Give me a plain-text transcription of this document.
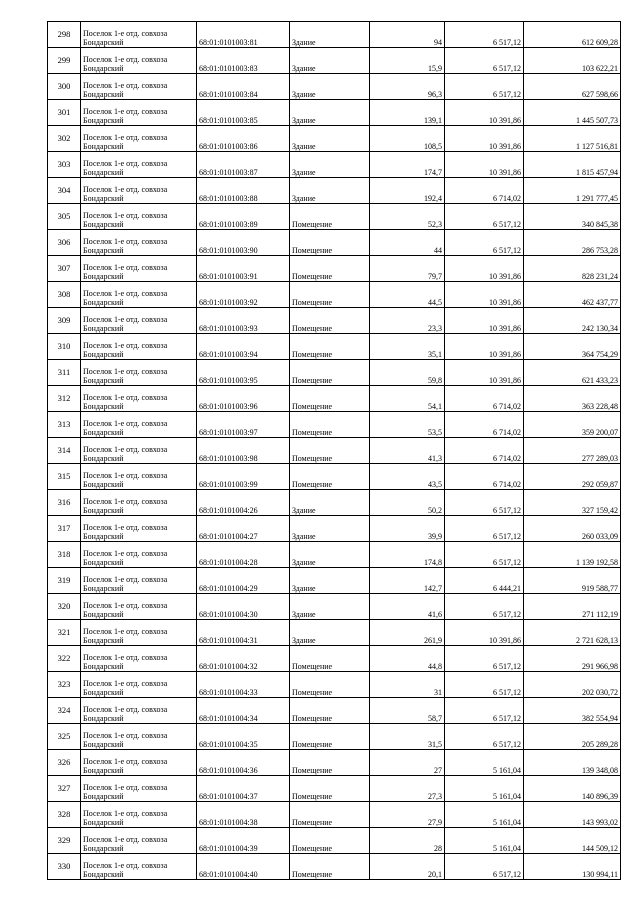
298	Посeлок 1-е отд. совхоза
Бондарский	68:01:0101003:81	Здание	94	6 517,12	612 609,28
299	Посeлок 1-е отд. совхоза
Бондарский	68:01:0101003:83	Здание	15,9	6 517,12	103 622,21
300	Посeлок 1-е отд. совхоза
Бондарский	68:01:0101003:84	Здание	96,3	6 517,12	627 598,66
301	Посeлок 1-е отд. совхоза
Бондарский	68:01:0101003:85	Здание	139,1	10 391,86	1 445 507,73
302	Посeлок 1-е отд. совхоза
Бондарский	68:01:0101003:86	Здание	108,5	10 391,86	1 127 516,81
303	Посeлок 1-е отд. совхоза
Бондарский	68:01:0101003:87	Здание	174,7	10 391,86	1 815 457,94
304	Посeлок 1-е отд. совхоза
Бондарский	68:01:0101003:88	Здание	192,4	6 714,02	1 291 777,45
305	Посeлок 1-е отд. совхоза
Бондарский	68:01:0101003:89	Помещение	52,3	6 517,12	340 845,38
306	Посeлок 1-е отд. совхоза
Бондарский	68:01:0101003:90	Помещение	44	6 517,12	286 753,28
307	Посeлок 1-е отд. совхоза
Бондарский	68:01:0101003:91	Помещение	79,7	10 391,86	828 231,24
308	Посeлок 1-е отд. совхоза
Бондарский	68:01:0101003:92	Помещение	44,5	10 391,86	462 437,77
309	Посeлок 1-е отд. совхоза
Бондарский	68:01:0101003:93	Помещение	23,3	10 391,86	242 130,34
310	Посeлок 1-е отд. совхоза
Бондарский	68:01:0101003:94	Помещение	35,1	10 391,86	364 754,29
311	Посeлок 1-е отд. совхоза
Бондарский	68:01:0101003:95	Помещение	59,8	10 391,86	621 433,23
312	Посeлок 1-е отд. совхоза
Бондарский	68:01:0101003:96	Помещение	54,1	6 714,02	363 228,48
313	Посeлок 1-е отд. совхоза
Бондарский	68:01:0101003:97	Помещение	53,5	6 714,02	359 200,07
314	Посeлок 1-е отд. совхоза
Бондарский	68:01:0101003:98	Помещение	41,3	6 714,02	277 289,03
315	Посeлок 1-е отд. совхоза
Бондарский	68:01:0101003:99	Помещение	43,5	6 714,02	292 059,87
316	Посeлок 1-е отд. совхоза
Бондарский	68:01:0101004:26	Здание	50,2	6 517,12	327 159,42
317	Посeлок 1-е отд. совхоза
Бондарский	68:01:0101004:27	Здание	39,9	6 517,12	260 033,09
318	Посeлок 1-е отд. совхоза
Бондарский	68:01:0101004:28	Здание	174,8	6 517,12	1 139 192,58
319	Посeлок 1-е отд. совхоза
Бондарский	68:01:0101004:29	Здание	142,7	6 444,21	919 588,77
320	Посeлок 1-е отд. совхоза
Бондарский	68:01:0101004:30	Здание	41,6	6 517,12	271 112,19
321	Посeлок 1-е отд. совхоза
Бондарский	68:01:0101004:31	Здание	261,9	10 391,86	2 721 628,13
322	Посeлок 1-е отд. совхоза
Бондарский	68:01:0101004:32	Помещение	44,8	6 517,12	291 966,98
323	Посeлок 1-е отд. совхоза
Бондарский	68:01:0101004:33	Помещение	31	6 517,12	202 030,72
324	Посeлок 1-е отд. совхоза
Бондарский	68:01:0101004:34	Помещение	58,7	6 517,12	382 554,94
325	Посeлок 1-е отд. совхоза
Бондарский	68:01:0101004:35	Помещение	31,5	6 517,12	205 289,28
326	Посeлок 1-е отд. совхоза
Бондарский	68:01:0101004:36	Помещение	27	5 161,04	139 348,08
327	Посeлок 1-е отд. совхоза
Бондарский	68:01:0101004:37	Помещение	27,3	5 161,04	140 896,39
328	Посeлок 1-е отд. совхоза
Бондарский	68:01:0101004:38	Помещение	27,9	5 161,04	143 993,02
329	Посeлок 1-е отд. совхоза
Бондарский	68:01:0101004:39	Помещение	28	5 161,04	144 509,12
330	Посeлок 1-е отд. совхоза
Бондарский	68:01:0101004:40	Помещение	20,1	6 517,12	130 994,11
